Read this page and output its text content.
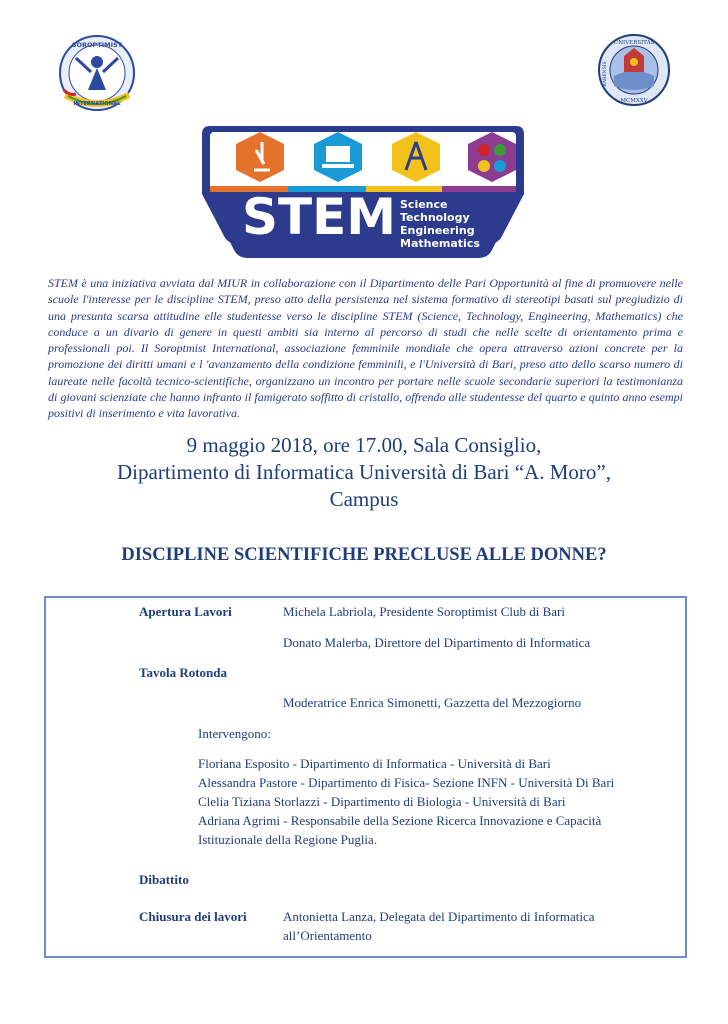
SOROPTIMIST
INTERNATIONAL
UNIVERSITAS
BARENSIS
MCMXXV
STEM Science
Technology
Engineering
Mathematics

STEM è una iniziativa avviata dal MIUR in collaborazione con il Dipartimento delle Pari Opportunità al fine di promuovere nelle scuole l'interesse per le discipline STEM, preso atto della persistenza nel sistema formativo di stereotipi basati sul pregiudizio di una presunta scarsa attitudine elle studentesse verso le discipline STEM (Science, Technology, Engineering, Mathematics) che conduce a un divario di genere in questi ambiti sia interno al percorso di studi che nelle scelte di orientamento prima e professionali poi. Il Soroptmist International, associazione femminile mondiale che opera attraverso azioni concrete per la promozione dei diritti umani e l 'avanzamento della condizione femminili, e l'Università di Bari, preso atto dello scarso numero di laureate nelle facoltà tecnico-scientifiche, organizzano un incontro per portare nelle scuole secondarie superiori la testimonianza di giovani scienziate che hanno infranto il famigerato soffitto di cristallo, offrendo alle studentesse del quarto e quinto anno esempi positivi di inserimento e vita lavorativa.

9 maggio 2018, ore 17.00, Sala Consiglio,
Dipartimento di Informatica Università di Bari “A. Moro”,
Campus
DISCIPLINE SCIENTIFICHE PRECLUSE ALLE DONNE?
Apertura Lavori	Michela Labriola, Presidente Soroptimist Club di Bari
Donato Malerba, Direttore del Dipartimento di Informatica
Tavola Rotonda
Moderatrice Enrica Simonetti, Gazzetta del Mezzogiorno
Intervengono:
Floriana Esposito - Dipartimento di Informatica - Università di Bari
Alessandra Pastore - Dipartimento di Fisica- Sezione INFN - Università Di Bari
Clelia Tiziana Storlazzi - Dipartimento di Biologia - Università di Bari
Adriana Agrimi - Responsabile della Sezione Ricerca Innovazione e Capacità
Istituzionale della Regione Puglia.
Dibattito
Chiusura dei lavori	Antonietta Lanza, Delegata del Dipartimento di Informatica
all’Orientamento
